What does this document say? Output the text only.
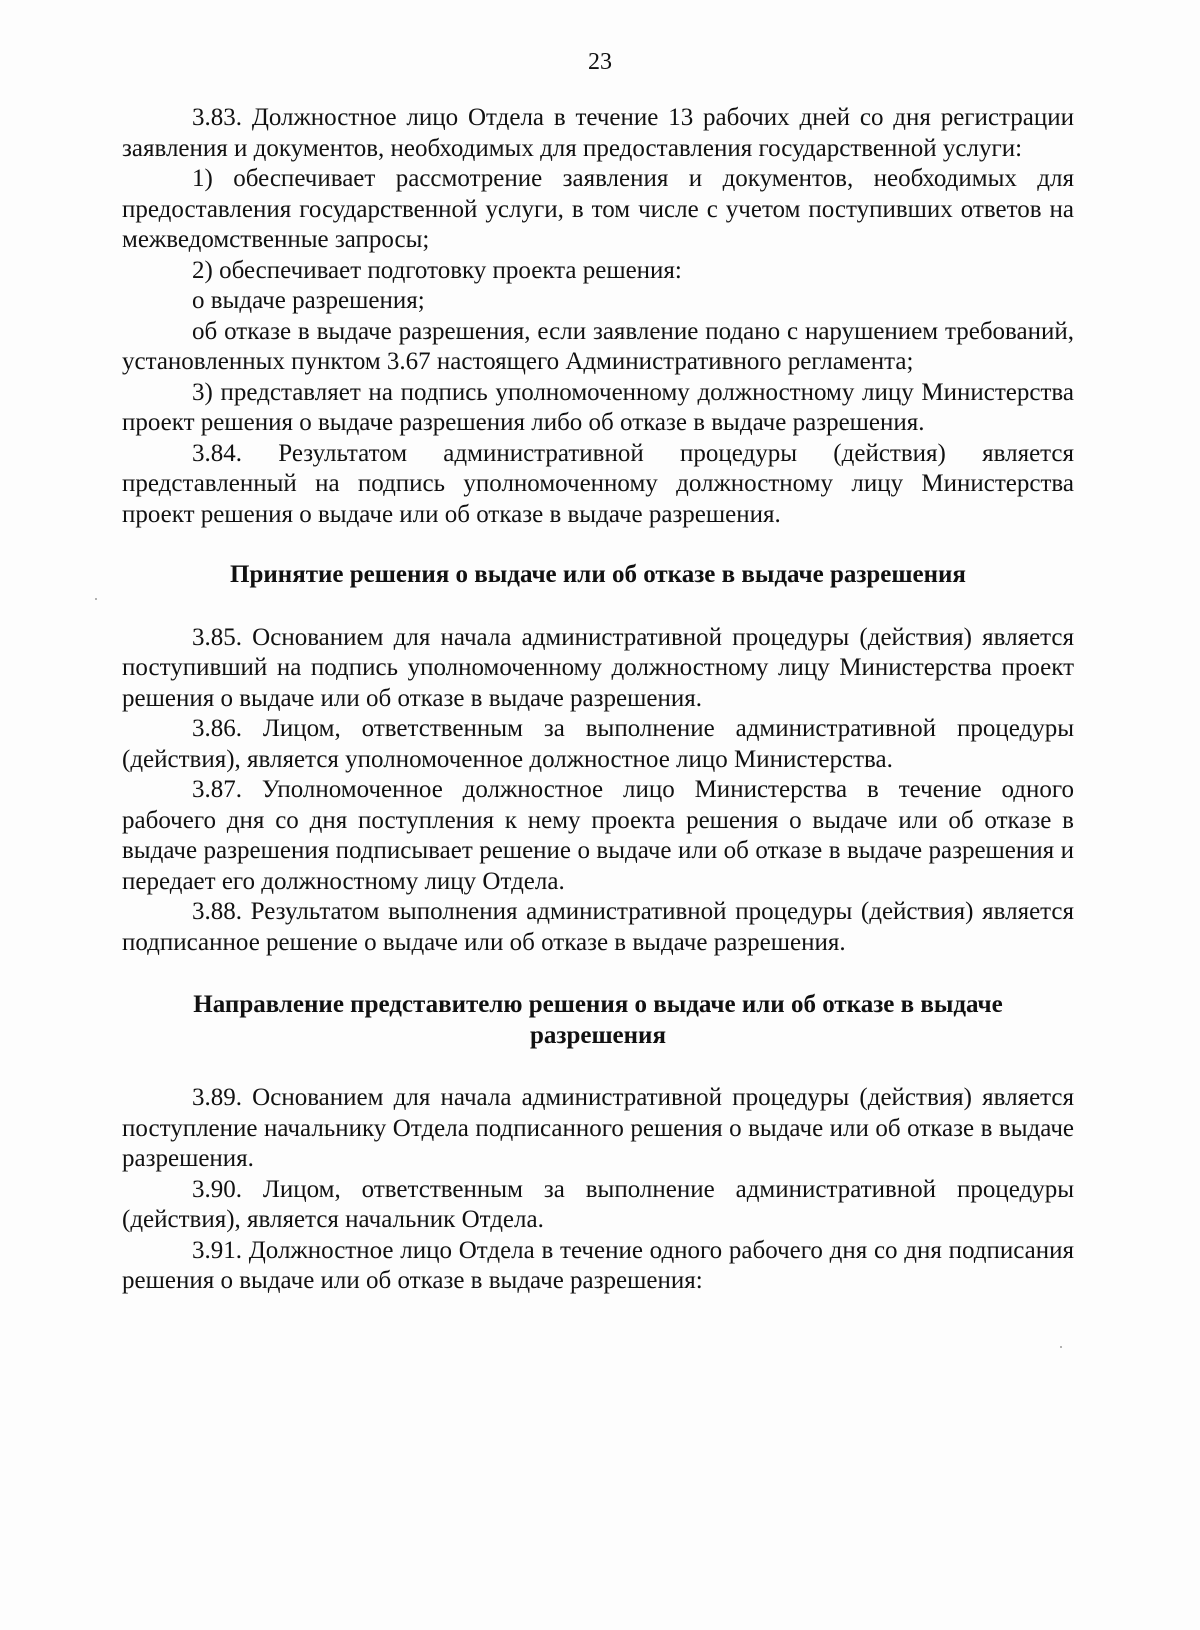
23

3.83. Должностное лицо Отдела в течение 13 рабочих дней со дня регистрации заявления и документов, необходимых для предоставления государственной услуги:

1) обеспечивает рассмотрение заявления и документов, необходимых для предоставления государственной услуги, в том числе с учетом поступивших ответов на межведомственные запросы;

2) обеспечивает подготовку проекта решения:

о выдаче разрешения;

об отказе в выдаче разрешения, если заявление подано с нарушением требований, установленных пунктом 3.67 настоящего Административного регламента;

3) представляет на подпись уполномоченному должностному лицу Министерства проект решения о выдаче разрешения либо об отказе в выдаче разрешения.

3.84. Результатом административной процедуры (действия) является представленный на подпись уполномоченному должностному лицу Министерства проект решения о выдаче или об отказе в выдаче разрешения.

Принятие решения о выдаче или об отказе в выдаче разрешения

3.85. Основанием для начала административной процедуры (действия) является поступивший на подпись уполномоченному должностному лицу Министерства проект решения о выдаче или об отказе в выдаче разрешения.

3.86. Лицом, ответственным за выполнение административной процедуры (действия), является уполномоченное должностное лицо Министерства.

3.87. Уполномоченное должностное лицо Министерства в течение одного рабочего дня со дня поступления к нему проекта решения о выдаче или об отказе в выдаче разрешения подписывает решение о выдаче или об отказе в выдаче разрешения и передает его должностному лицу Отдела.

3.88. Результатом выполнения административной процедуры (действия) является подписанное решение о выдаче или об отказе в выдаче разрешения.

Направление представителю решения о выдаче или об отказе в выдаче разрешения

3.89. Основанием для начала административной процедуры (действия) является поступление начальнику Отдела подписанного решения о выдаче или об отказе в выдаче разрешения.

3.90. Лицом, ответственным за выполнение административной процедуры (действия), является начальник Отдела.

3.91. Должностное лицо Отдела в течение одного рабочего дня со дня подписания решения о выдаче или об отказе в выдаче разрешения:
